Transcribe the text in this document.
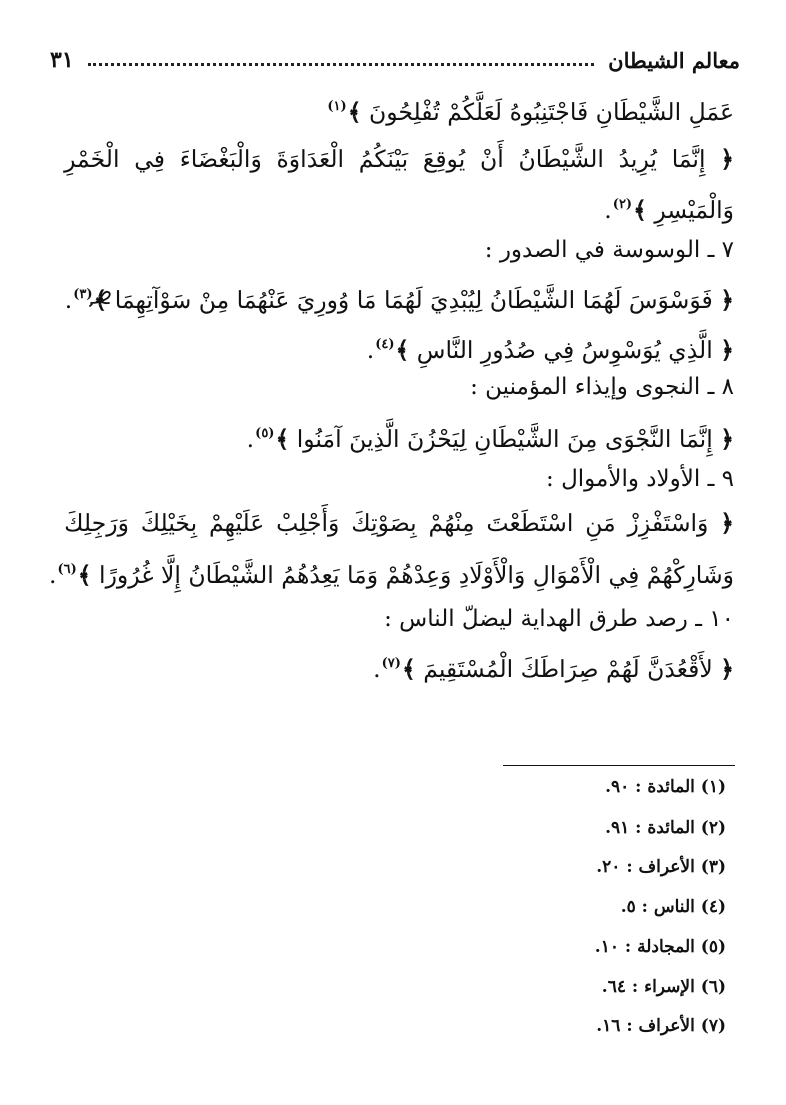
معالم الشيطان
٣١
عَمَلِ الشَّيْطَانِ فَاجْتَنِبُوهُ لَعَلَّكُمْ تُفْلِحُونَ ﴾$^{(١)}$
﴿
إِنَّمَا
يُرِيدُ
الشَّيْطَانُ
أَنْ
يُوقِعَ
بَيْنَكُمُ
الْعَدَاوَةَ
وَالْبَغْضَاءَ
فِي
الْخَمْرِ
وَالْمَيْسِرِ ﴾$^{(٢)}$.
٧ ـ الوسوسة في الصدور :
﴿ فَوَسْوَسَ لَهُمَا الشَّيْطَانُ لِيُبْدِيَ لَهُمَا مَا وُورِيَ عَنْهُمَا مِنْ سَوْآتِهِمَا ﴾$^{(٣)}$.
﴿ الَّذِي يُوَسْوِسُ فِي صُدُورِ النَّاسِ ﴾$^{(٤)}$.
٨ ـ النجوى وإيذاء المؤمنين :
﴿ إِنَّمَا النَّجْوَى مِنَ الشَّيْطَانِ لِيَحْزُنَ الَّذِينَ آمَنُوا ﴾$^{(٥)}$.
٩ ـ الأولاد والأموال :
﴿
وَاسْتَفْزِزْ
مَنِ
اسْتَطَعْتَ
مِنْهُمْ
بِصَوْتِكَ
وَأَجْلِبْ
عَلَيْهِمْ
بِخَيْلِكَ
وَرَجِلِكَ
وَشَارِكْهُمْ فِي الْأَمْوَالِ وَالْأَوْلَادِ وَعِدْهُمْ وَمَا يَعِدُهُمُ الشَّيْطَانُ إِلَّا غُرُورًا ﴾$^{(٦)}$.
١٠ ـ رصد طرق الهداية ليضلّ الناس :
﴿ لأَقْعُدَنَّ لَهُمْ صِرَاطَكَ الْمُسْتَقِيمَ ﴾$^{(٧)}$.
(١) المائدة : ٩٠.
(٢) المائدة : ٩١.
(٣) الأعراف : ٢٠.
(٤) الناس : ٥.
(٥) المجادلة : ١٠.
(٦) الإسراء : ٦٤.
(٧) الأعراف : ١٦.
